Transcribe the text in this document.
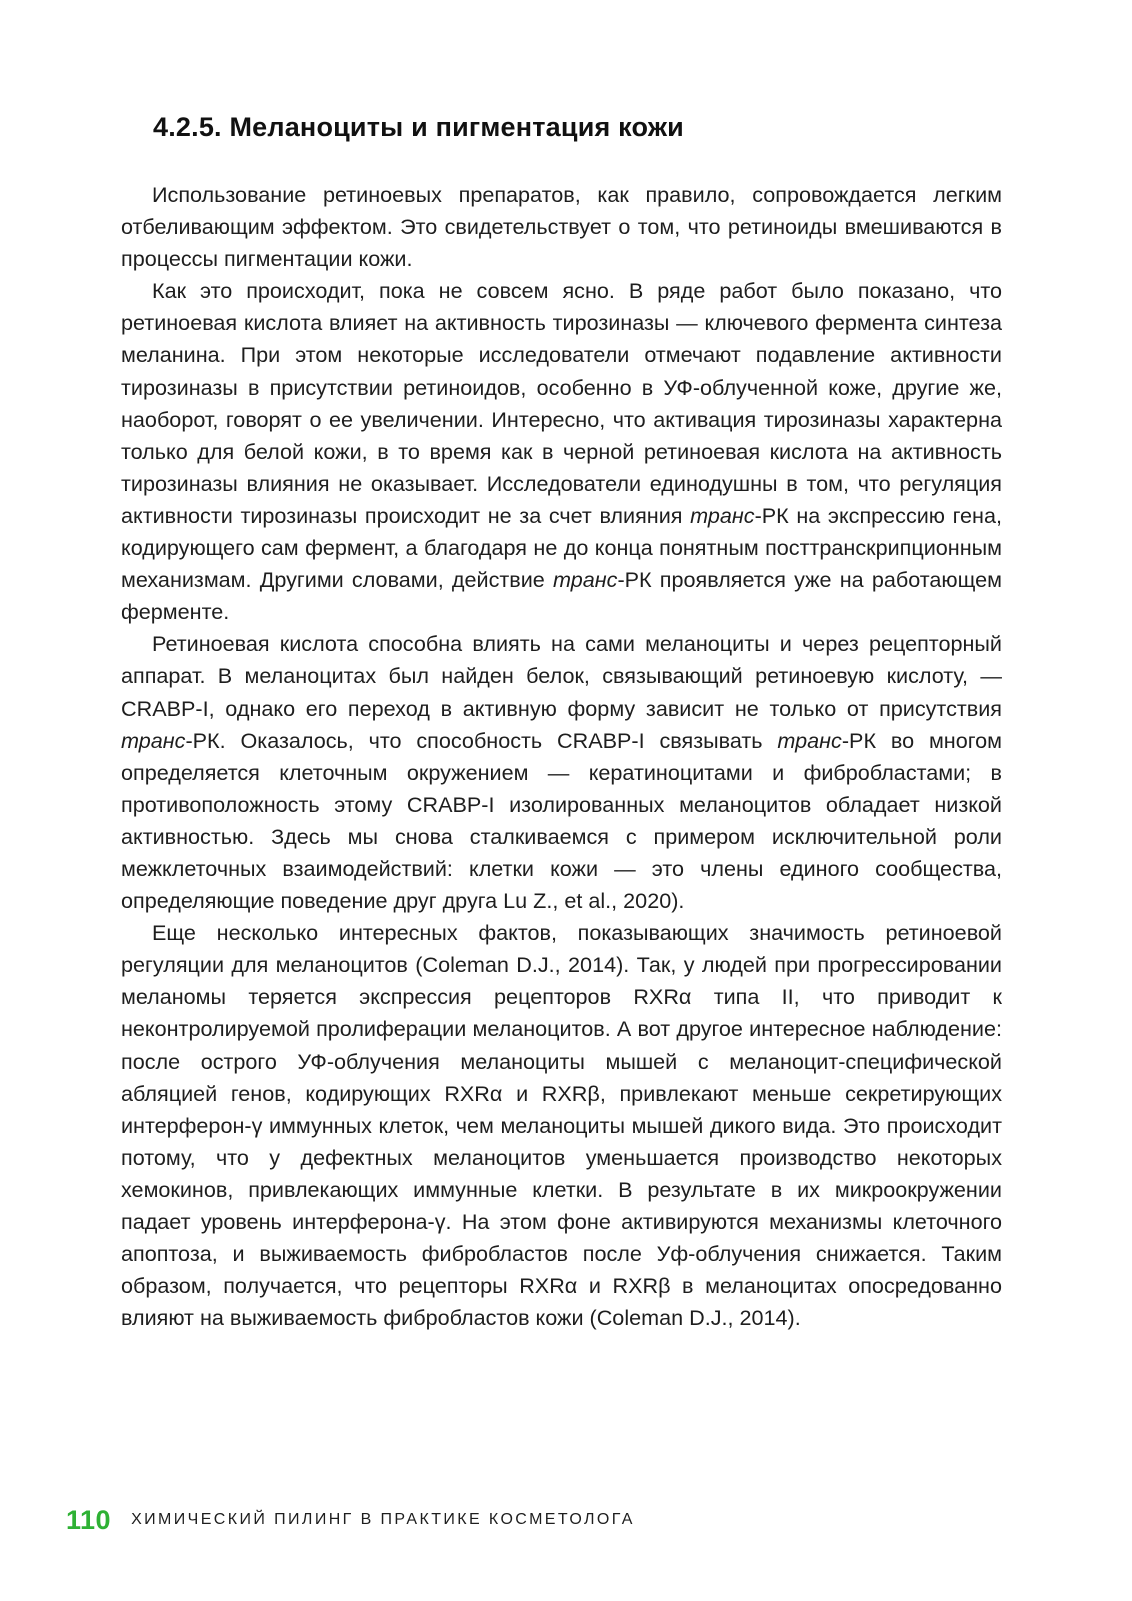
4.2.5. Меланоциты и пигментация кожи

Использование ретиноевых препаратов, как правило, сопровождается легким отбеливающим эффектом. Это свидетельствует о том, что ретиноиды вмешиваются в процессы пигментации кожи.

Как это происходит, пока не совсем ясно. В ряде работ было показано, что ретиноевая кислота влияет на активность тирозиназы — ключевого фермента синтеза меланина. При этом некоторые исследователи отмечают подавление активности тирозиназы в присутствии ретиноидов, особенно в УФ-облученной коже, другие же, наоборот, говорят о ее увеличении. Интересно, что активация тирозиназы характерна только для белой кожи, в то время как в черной ретиноевая кислота на активность тирозиназы влияния не оказывает. Исследователи единодушны в том, что регуляция активности тирозиназы происходит не за счет влияния транс-РК на экспрессию гена, кодирующего сам фермент, а благодаря не до конца понятным посттранскрипционным механизмам. Другими словами, действие транс-РК проявляется уже на работающем ферменте.

Ретиноевая кислота способна влиять на сами меланоциты и через рецепторный аппарат. В меланоцитах был найден белок, связывающий ретиноевую кислоту, — CRABP-I, однако его переход в активную форму зависит не только от присутствия транс-РК. Оказалось, что способность CRABP-I связывать транс-РК во многом определяется клеточным окружением — кератиноцитами и фибробластами; в противоположность этому CRABP-I изолированных меланоцитов обладает низкой активностью. Здесь мы снова сталкиваемся с примером исключительной роли межклеточных взаимодействий: клетки кожи — это члены единого сообщества, определяющие поведение друг друга Lu Z., et al., 2020).

Еще несколько интересных фактов, показывающих значимость ретиноевой регуляции для меланоцитов (Coleman D.J., 2014). Так, у людей при прогрессировании меланомы теряется экспрессия рецепторов RXRα типа II, что приводит к неконтролируемой пролиферации меланоцитов. А вот другое интересное наблюдение: после острого УФ-облучения меланоциты мышей с меланоцит-специфической абляцией генов, кодирующих RXRα и RXRβ, привлекают меньше секретирующих интерферон-γ иммунных клеток, чем меланоциты мышей дикого вида. Это происходит потому, что у дефектных меланоцитов уменьшается производство некоторых хемокинов, привлекающих иммунные клетки. В результате в их микроокружении падает уровень интерферона-γ. На этом фоне активируются механизмы клеточного апоптоза, и выживаемость фибробластов после Уф-облучения снижается. Таким образом, получается, что рецепторы RXRα и RXRβ в меланоцитах опосредованно влияют на выживаемость фибробластов кожи (Coleman D.J., 2014).

110 ХИМИЧЕСКИЙ ПИЛИНГ В ПРАКТИКЕ КОСМЕТОЛОГА
